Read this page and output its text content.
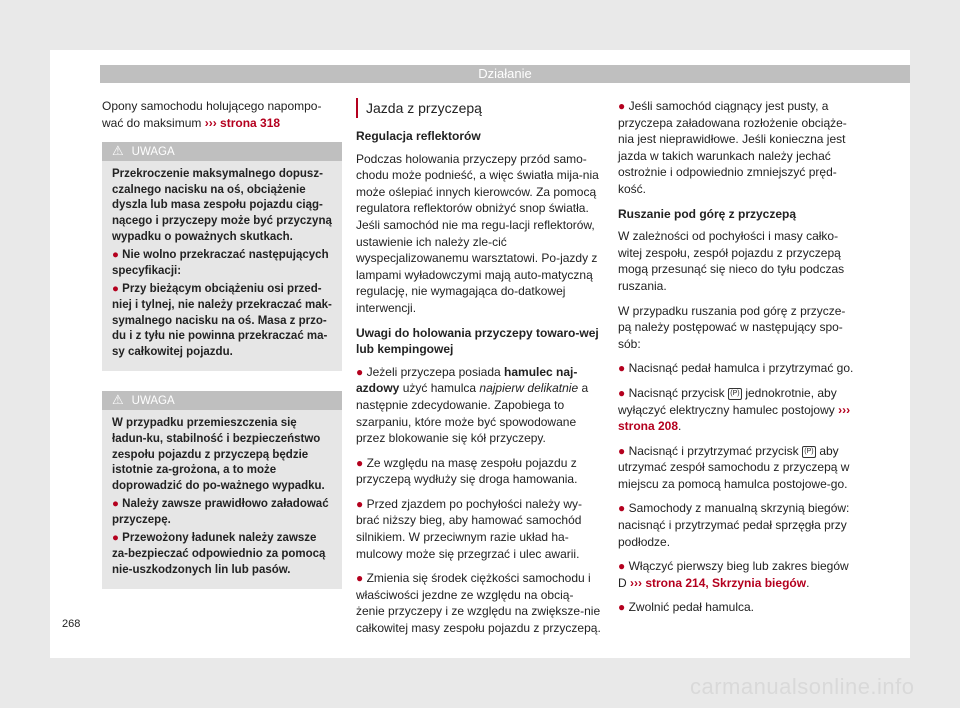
Działanie

Opony samochodu holującego napompo-wać do maksimum ››› strona 318

⚠ UWAGA

Przekroczenie maksymalnego dopusz-czalnego nacisku na oś, obciążenie dyszla lub masa zespołu pojazdu ciąg-nącego i przyczepy może być przyczyną wypadku o poważnych skutkach.

● Nie wolno przekraczać następujących specyfikacji:

● Przy bieżącym obciążeniu osi przed-niej i tylnej, nie należy przekraczać mak-symalnego nacisku na oś. Masa z przo-du i z tyłu nie powinna przekraczać ma-sy całkowitej pojazdu.

⚠ UWAGA

W przypadku przemieszczenia się ładun-ku, stabilność i bezpieczeństwo zespołu pojazdu z przyczepą będzie istotnie za-grożona, a to może doprowadzić do po-ważnego wypadku.

● Należy zawsze prawidłowo załadować przyczepę.

● Przewożony ładunek należy zawsze za-bezpieczać odpowiednio za pomocą nie-uszkodzonych lin lub pasów.

Jazda z przyczepą

Regulacja reflektorów

Podczas holowania przyczepy przód samo-chodu może podnieść, a więc światła mija-nia może oślepiać innych kierowców. Za pomocą regulatora reflektorów obniżyć snop światła. Jeśli samochód nie ma regu-lacji reflektorów, ustawienie ich należy zle-cić wyspecjalizowanemu warsztatowi. Po-jazdy z lampami wyładowczymi mają auto-matyczną regulację, nie wymagająca do-datkowej interwencji.

Uwagi do holowania przyczepy towaro-wej lub kempingowej

● Jeżeli przyczepa posiada hamulec naj-azdowy użyć hamulca najpierw delikatnie a następnie zdecydowanie. Zapobiega to szarpaniu, które może być spowodowane przez blokowanie się kół przyczepy.

● Ze względu na masę zespołu pojazdu z przyczepą wydłuży się droga hamowania.

● Przed zjazdem po pochyłości należy wy-brać niższy bieg, aby hamować samochód silnikiem. W przeciwnym razie układ ha-mulcowy może się przegrzać i ulec awarii.

● Zmienia się środek ciężkości samochodu i właściwości jezdne ze względu na obcią-żenie przyczepy i ze względu na zwiększe-nie całkowitej masy zespołu pojazdu z przyczepą.

● Jeśli samochód ciągnący jest pusty, a przyczepa załadowana rozłożenie obciąże-nia jest nieprawidłowe. Jeśli konieczna jest jazda w takich warunkach należy jechać ostrożnie i odpowiednio zmniejszyć pręd-kość.

Ruszanie pod górę z przyczepą

W zależności od pochyłości i masy całko-witej zespołu, zespół pojazdu z przyczepą mogą przesunąć się nieco do tyłu podczas ruszania.

W przypadku ruszania pod górę z przycze-pą należy postępować w następujący spo-sób:

● Nacisnąć pedał hamulca i przytrzymać go.

● Nacisnąć przycisk (P) jednokrotnie, aby wyłączyć elektryczny hamulec postojowy ››› strona 208.

● Nacisnąć i przytrzymać przycisk (P) aby utrzymać zespół samochodu z przyczepą w miejscu za pomocą hamulca postojowe-go.

● Samochody z manualną skrzynią biegów: nacisnąć i przytrzymać pedał sprzęgła przy podłodze.

● Włączyć pierwszy bieg lub zakres biegów D ››› strona 214, Skrzynia biegów.

● Zwolnić pedał hamulca.

268
carmanualsonline.info
